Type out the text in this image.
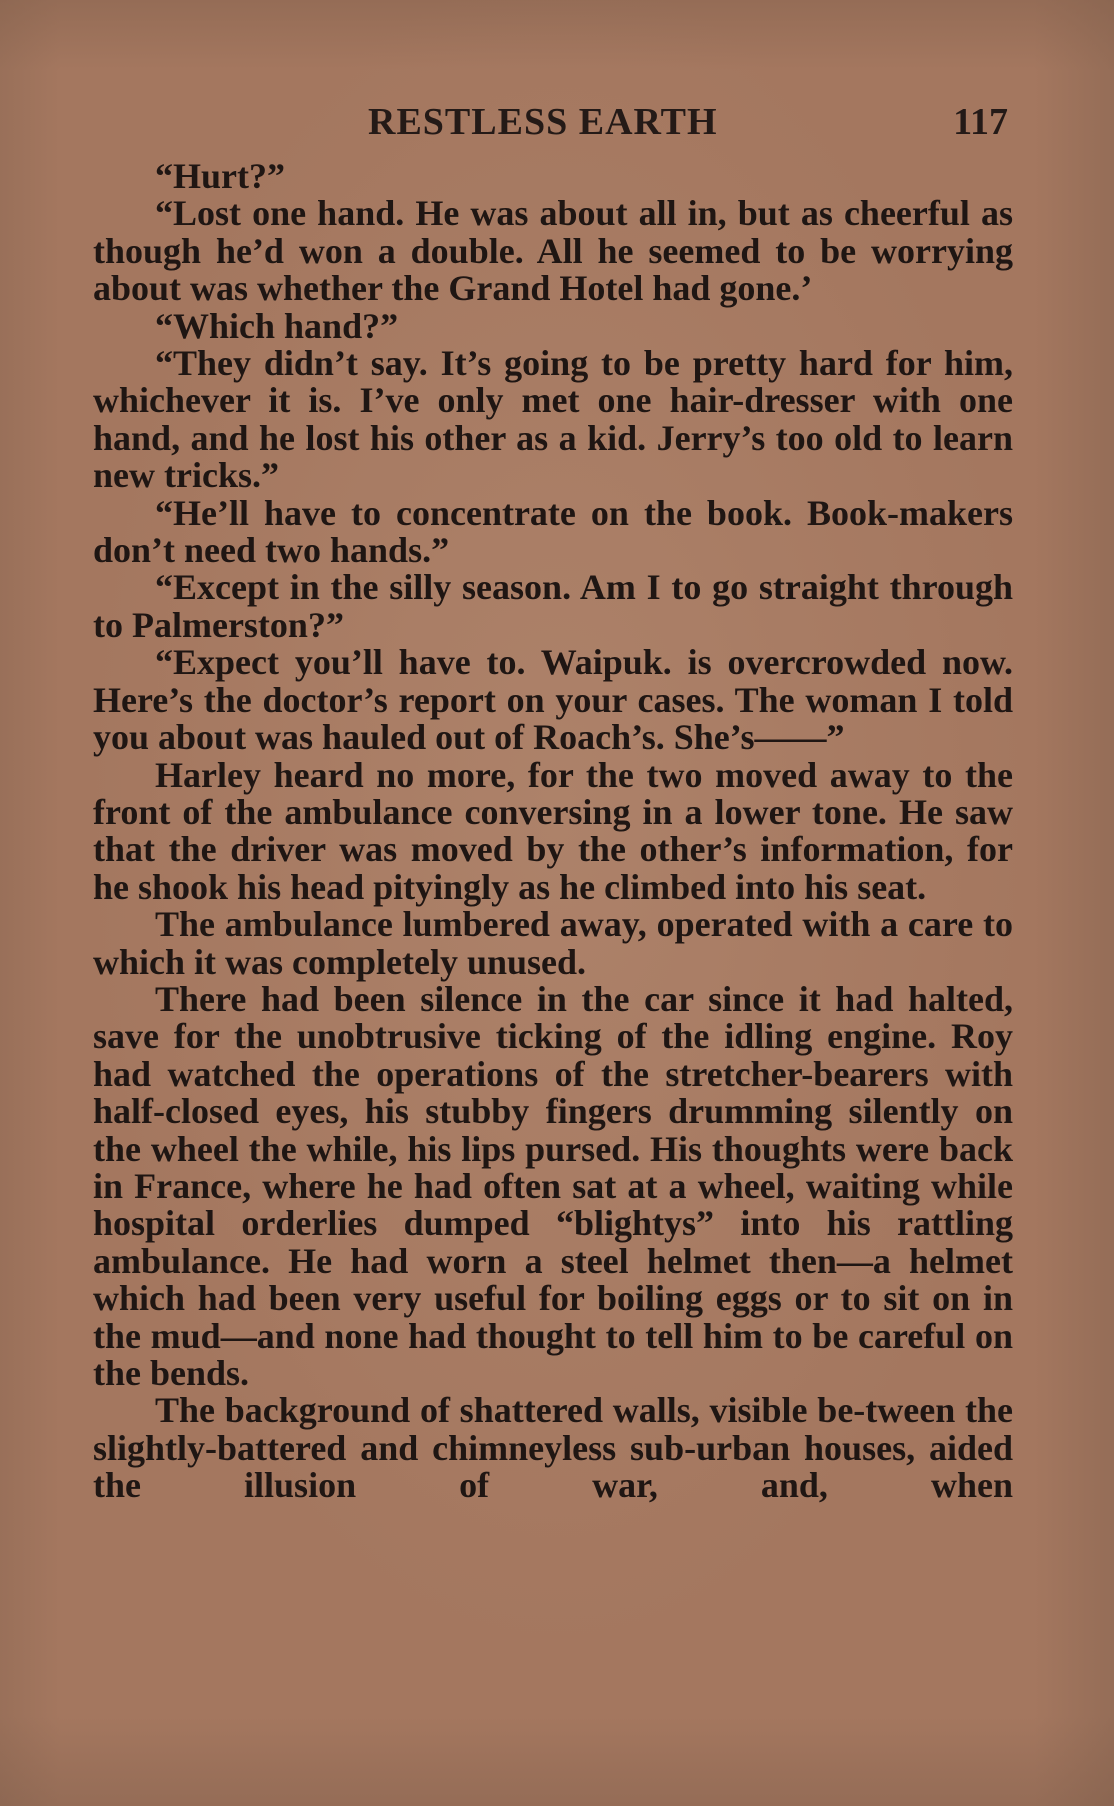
RESTLESS EARTH	117

“Hurt?”

“Lost one hand. He was about all in, but as cheerful as though he’d won a double. All he seemed to be worrying about was whether the Grand Hotel had gone.’

“Which hand?”

“They didn’t say. It’s going to be pretty hard for him, whichever it is. I’ve only met one hair-dresser with one hand, and he lost his other as a kid. Jerry’s too old to learn new tricks.”

“He’ll have to concentrate on the book. Book-makers don’t need two hands.”

“Except in the silly season. Am I to go straight through to Palmerston?”

“Expect you’ll have to. Waipuk. is overcrowded now. Here’s the doctor’s report on your cases. The woman I told you about was hauled out of Roach’s. She’s——”

Harley heard no more, for the two moved away to the front of the ambulance conversing in a lower tone. He saw that the driver was moved by the other’s information, for he shook his head pityingly as he climbed into his seat.

The ambulance lumbered away, operated with a care to which it was completely unused.

There had been silence in the car since it had halted, save for the unobtrusive ticking of the idling engine. Roy had watched the operations of the stretcher-bearers with half-closed eyes, his stubby fingers drumming silently on the wheel the while, his lips pursed. His thoughts were back in France, where he had often sat at a wheel, waiting while hospital orderlies dumped “blightys” into his rattling ambulance. He had worn a steel helmet then—a helmet which had been very useful for boiling eggs or to sit on in the mud—and none had thought to tell him to be careful on the bends.

The background of shattered walls, visible be-tween the slightly-battered and chimneyless sub-urban houses, aided the illusion of war, and, when
